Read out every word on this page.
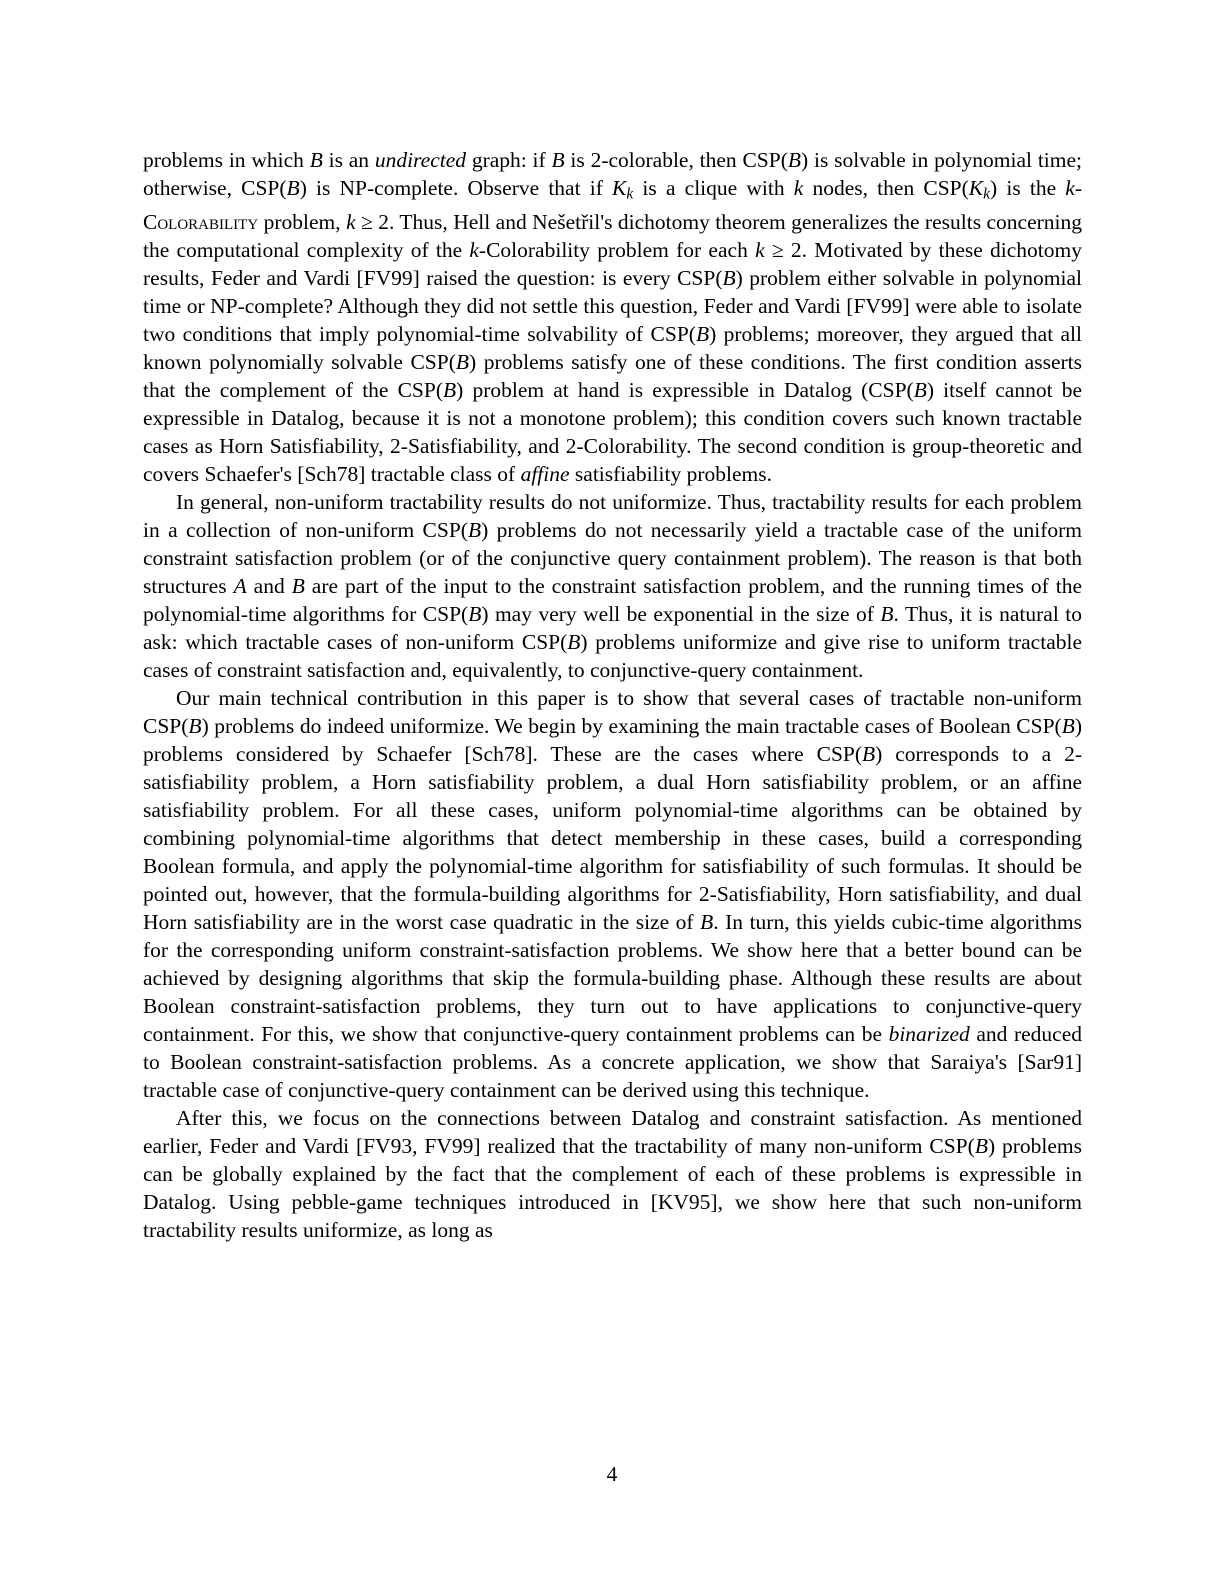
problems in which B is an undirected graph: if B is 2-colorable, then CSP(B) is solvable in polynomial time; otherwise, CSP(B) is NP-complete. Observe that if Kk is a clique with k nodes, then CSP(Kk) is the k-Colorability problem, k ≥ 2. Thus, Hell and Nešetřil's dichotomy theorem generalizes the results concerning the computational complexity of the k-Colorability problem for each k ≥ 2. Motivated by these dichotomy results, Feder and Vardi [FV99] raised the question: is every CSP(B) problem either solvable in polynomial time or NP-complete? Although they did not settle this question, Feder and Vardi [FV99] were able to isolate two conditions that imply polynomial-time solvability of CSP(B) problems; moreover, they argued that all known polynomially solvable CSP(B) problems satisfy one of these conditions. The first condition asserts that the complement of the CSP(B) problem at hand is expressible in Datalog (CSP(B) itself cannot be expressible in Datalog, because it is not a monotone problem); this condition covers such known tractable cases as Horn Satisfiability, 2-Satisfiability, and 2-Colorability. The second condition is group-theoretic and covers Schaefer's [Sch78] tractable class of affine satisfiability problems.

In general, non-uniform tractability results do not uniformize. Thus, tractability results for each problem in a collection of non-uniform CSP(B) problems do not necessarily yield a tractable case of the uniform constraint satisfaction problem (or of the conjunctive query containment problem). The reason is that both structures A and B are part of the input to the constraint satisfaction problem, and the running times of the polynomial-time algorithms for CSP(B) may very well be exponential in the size of B. Thus, it is natural to ask: which tractable cases of non-uniform CSP(B) problems uniformize and give rise to uniform tractable cases of constraint satisfaction and, equivalently, to conjunctive-query containment.

Our main technical contribution in this paper is to show that several cases of tractable non-uniform CSP(B) problems do indeed uniformize. We begin by examining the main tractable cases of Boolean CSP(B) problems considered by Schaefer [Sch78]. These are the cases where CSP(B) corresponds to a 2-satisfiability problem, a Horn satisfiability problem, a dual Horn satisfiability problem, or an affine satisfiability problem. For all these cases, uniform polynomial-time algorithms can be obtained by combining polynomial-time algorithms that detect membership in these cases, build a corresponding Boolean formula, and apply the polynomial-time algorithm for satisfiability of such formulas. It should be pointed out, however, that the formula-building algorithms for 2-Satisfiability, Horn satisfiability, and dual Horn satisfiability are in the worst case quadratic in the size of B. In turn, this yields cubic-time algorithms for the corresponding uniform constraint-satisfaction problems. We show here that a better bound can be achieved by designing algorithms that skip the formula-building phase. Although these results are about Boolean constraint-satisfaction problems, they turn out to have applications to conjunctive-query containment. For this, we show that conjunctive-query containment problems can be binarized and reduced to Boolean constraint-satisfaction problems. As a concrete application, we show that Saraiya's [Sar91] tractable case of conjunctive-query containment can be derived using this technique.

After this, we focus on the connections between Datalog and constraint satisfaction. As mentioned earlier, Feder and Vardi [FV93, FV99] realized that the tractability of many non-uniform CSP(B) problems can be globally explained by the fact that the complement of each of these problems is expressible in Datalog. Using pebble-game techniques introduced in [KV95], we show here that such non-uniform tractability results uniformize, as long as

4
